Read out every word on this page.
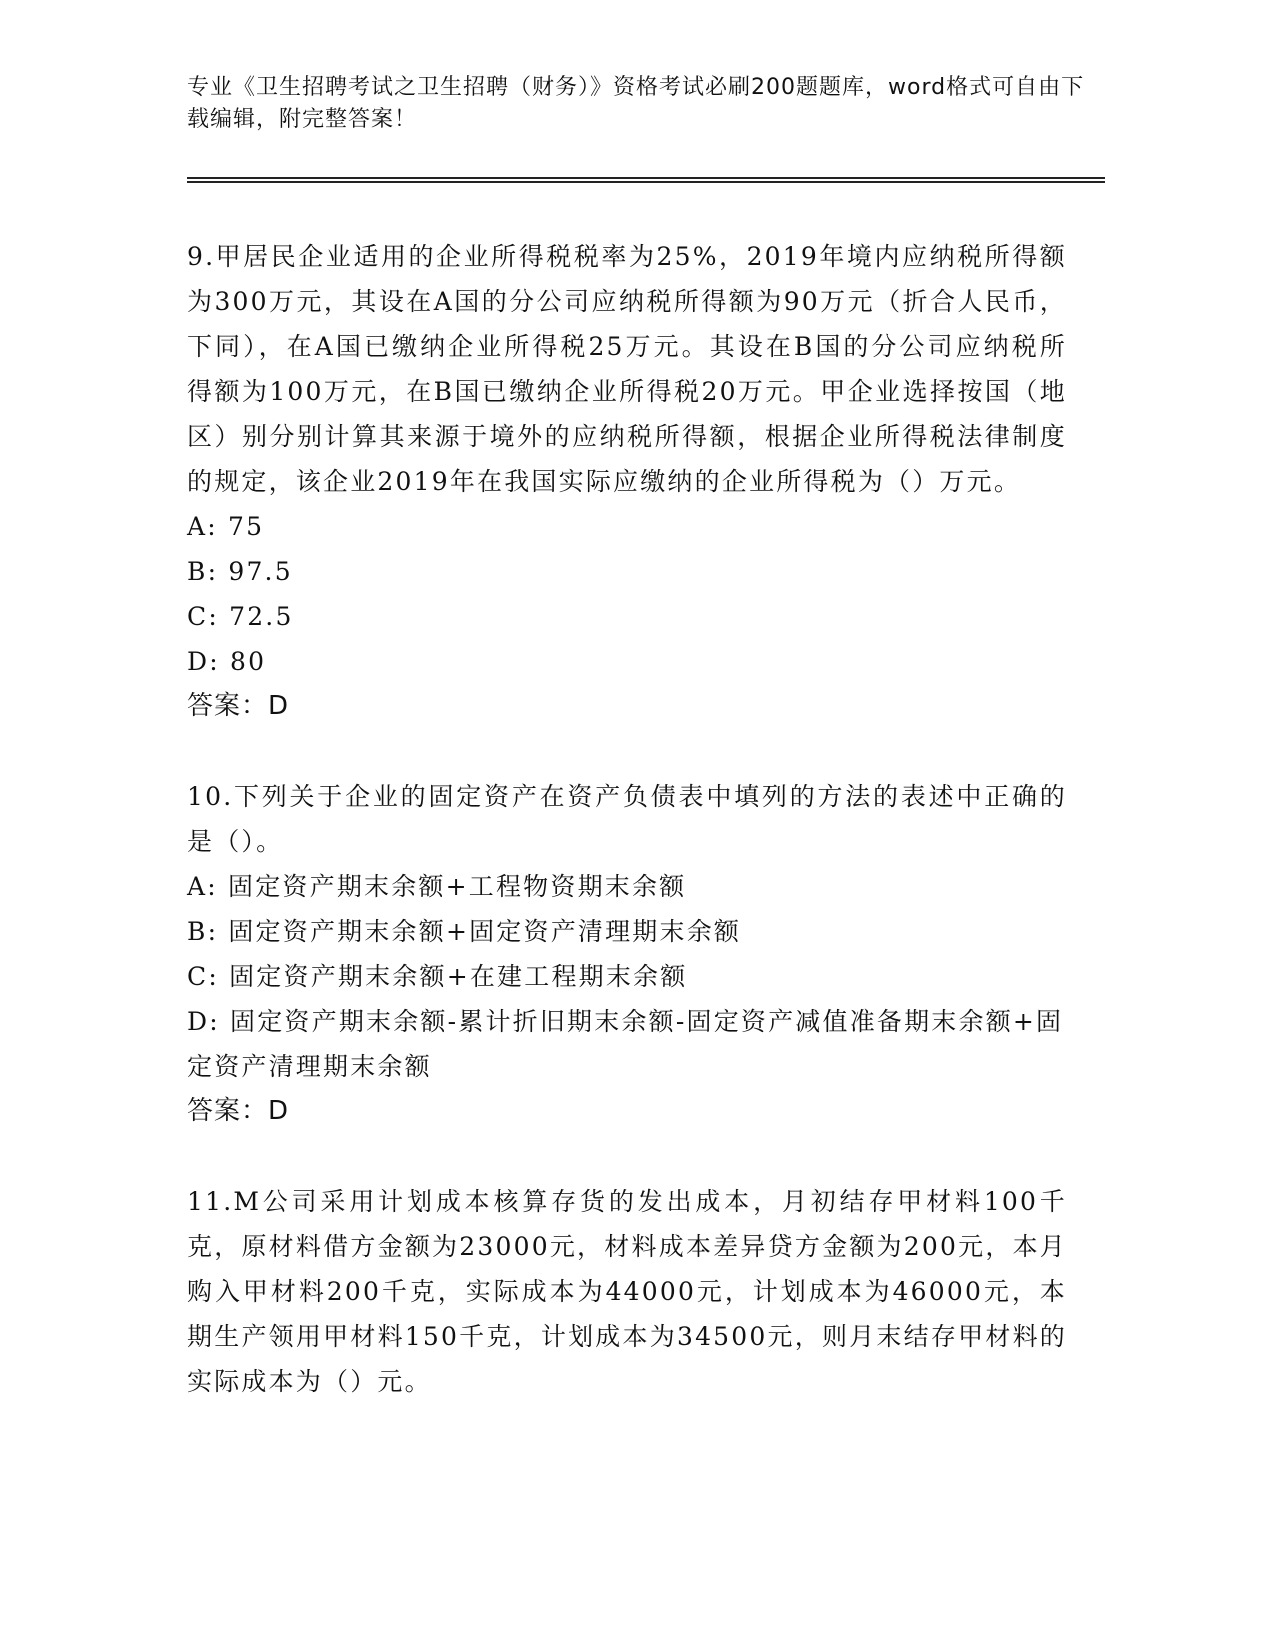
专业《卫生招聘考试之卫生招聘（财务）》资格考试必刷200题题库，word格式可自由下载编辑，附完整答案！

9.甲居民企业适用的企业所得税税率为25%，2019年境内应纳税所得额为300万元，其设在A国的分公司应纳税所得额为90万元（折合人民币，下同），在A国已缴纳企业所得税25万元。其设在B国的分公司应纳税所得额为100万元，在B国已缴纳企业所得税20万元。甲企业选择按国（地区）别分别计算其来源于境外的应纳税所得额，根据企业所得税法律制度的规定，该企业2019年在我国实际应缴纳的企业所得税为（）万元。

A: 75

B: 97.5

C: 72.5

D: 80

答案：D

10.下列关于企业的固定资产在资产负债表中填列的方法的表述中正确的是（）。

A: 固定资产期末余额+工程物资期末余额

B: 固定资产期末余额+固定资产清理期末余额

C: 固定资产期末余额+在建工程期末余额

D: 固定资产期末余额-累计折旧期末余额-固定资产减值准备期末余额+固定资产清理期末余额

答案：D

11.M公司采用计划成本核算存货的发出成本，月初结存甲材料100千克，原材料借方金额为23000元，材料成本差异贷方金额为200元，本月购入甲材料200千克，实际成本为44000元，计划成本为46000元，本期生产领用甲材料150千克，计划成本为34500元，则月末结存甲材料的实际成本为（）元。
